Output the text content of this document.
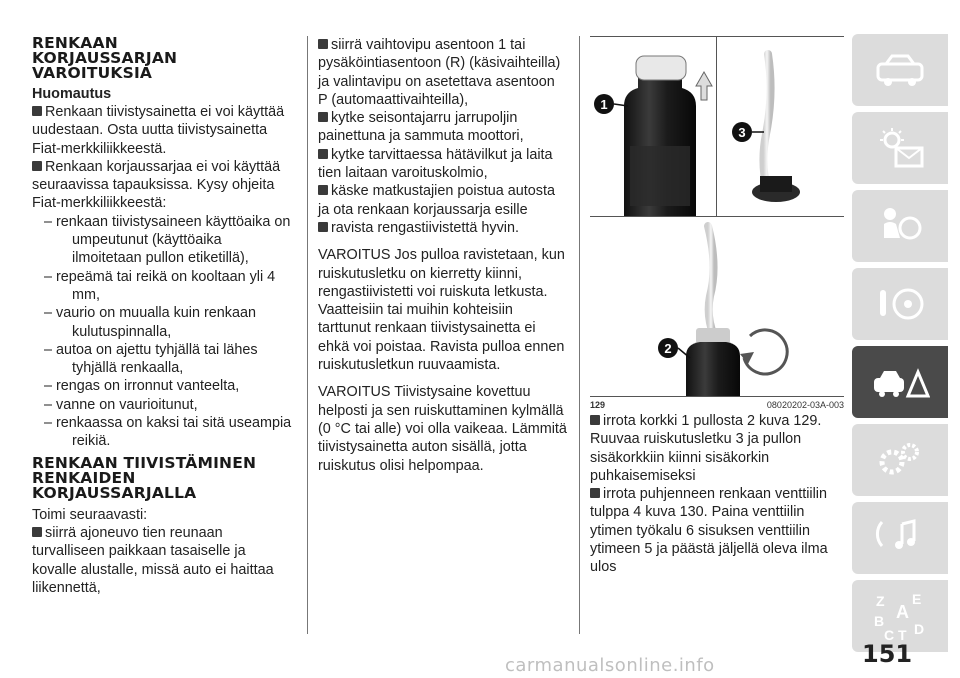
RENKAAN
KORJAUSSARJAN
VAROITUKSIA
Huomautus

Renkaan tiivistysainetta ei voi käyttää uudestaan. Osta uutta tiivistysainetta Fiat-merkkiliikkeestä.

Renkaan korjaussarjaa ei voi käyttää seuraavissa tapauksissa. Kysy ohjeita Fiat-merkkiliikkeestä:

– renkaan tiivistysaineen käyttöaika on umpeutunut (käyttöaika ilmoitetaan pullon etiketillä),

– repeämä tai reikä on kooltaan yli 4 mm,

– vaurio on muualla kuin renkaan kulutuspinnalla,

– autoa on ajettu tyhjällä tai lähes tyhjällä renkaalla,

– rengas on irronnut vanteelta,

– vanne on vaurioitunut,

– renkaassa on kaksi tai sitä useampia reikiä.

RENKAAN TIIVISTÄMINEN
RENKAIDEN
KORJAUSSARJALLA

Toimi seuraavasti:

siirrä ajoneuvo tien reunaan turvalliseen paikkaan tasaiselle ja kovalle alustalle, missä auto ei haittaa liikennettä,

siirrä vaihtovipu asentoon 1 tai pysäköintiasentoon (R) (käsivaihteilla) ja valintavipu on asetettava asentoon P (automaattivaihteilla),

kytke seisontajarru jarrupoljin painettuna ja sammuta moottori,

kytke tarvittaessa hätävilkut ja laita tien laitaan varoituskolmio,

käske matkustajien poistua autosta ja ota renkaan korjaussarja esille

ravista rengastiivistettä hyvin.

VAROITUS Jos pulloa ravistetaan, kun ruiskutusletku on kierretty kiinni, rengastiivistetti voi ruiskuta letkusta. Vaatteisiin tai muihin kohteisiin tarttunut renkaan tiivistysainetta ei ehkä voi poistaa. Ravista pulloa ennen ruiskutusletkun ruuvaamista.

VAROITUS Tiivistysaine kovettuu helposti ja sen ruiskuttaminen kylmällä (0 °C tai alle) voi olla vaikeaa. Lämmitä tiivistysainetta auton sisällä, jotta ruiskutus olisi helpompaa.

1
3
2
129	08020202-03A-003

irrota korkki 1 pullosta 2 kuva 129. Ruuvaa ruiskutusletku 3 ja pullon sisäkorkkiin kiinni sisäkorkin puhkaisemiseksi

irrota puhjenneen renkaan venttiilin tulppa 4 kuva 130. Paina venttiilin ytimen työkalu 6 sisuksen venttiilin ytimeen 5 ja päästä jäljellä oleva ilma ulos

Z E
A
B
C T D
151
carmanualsonline.info
